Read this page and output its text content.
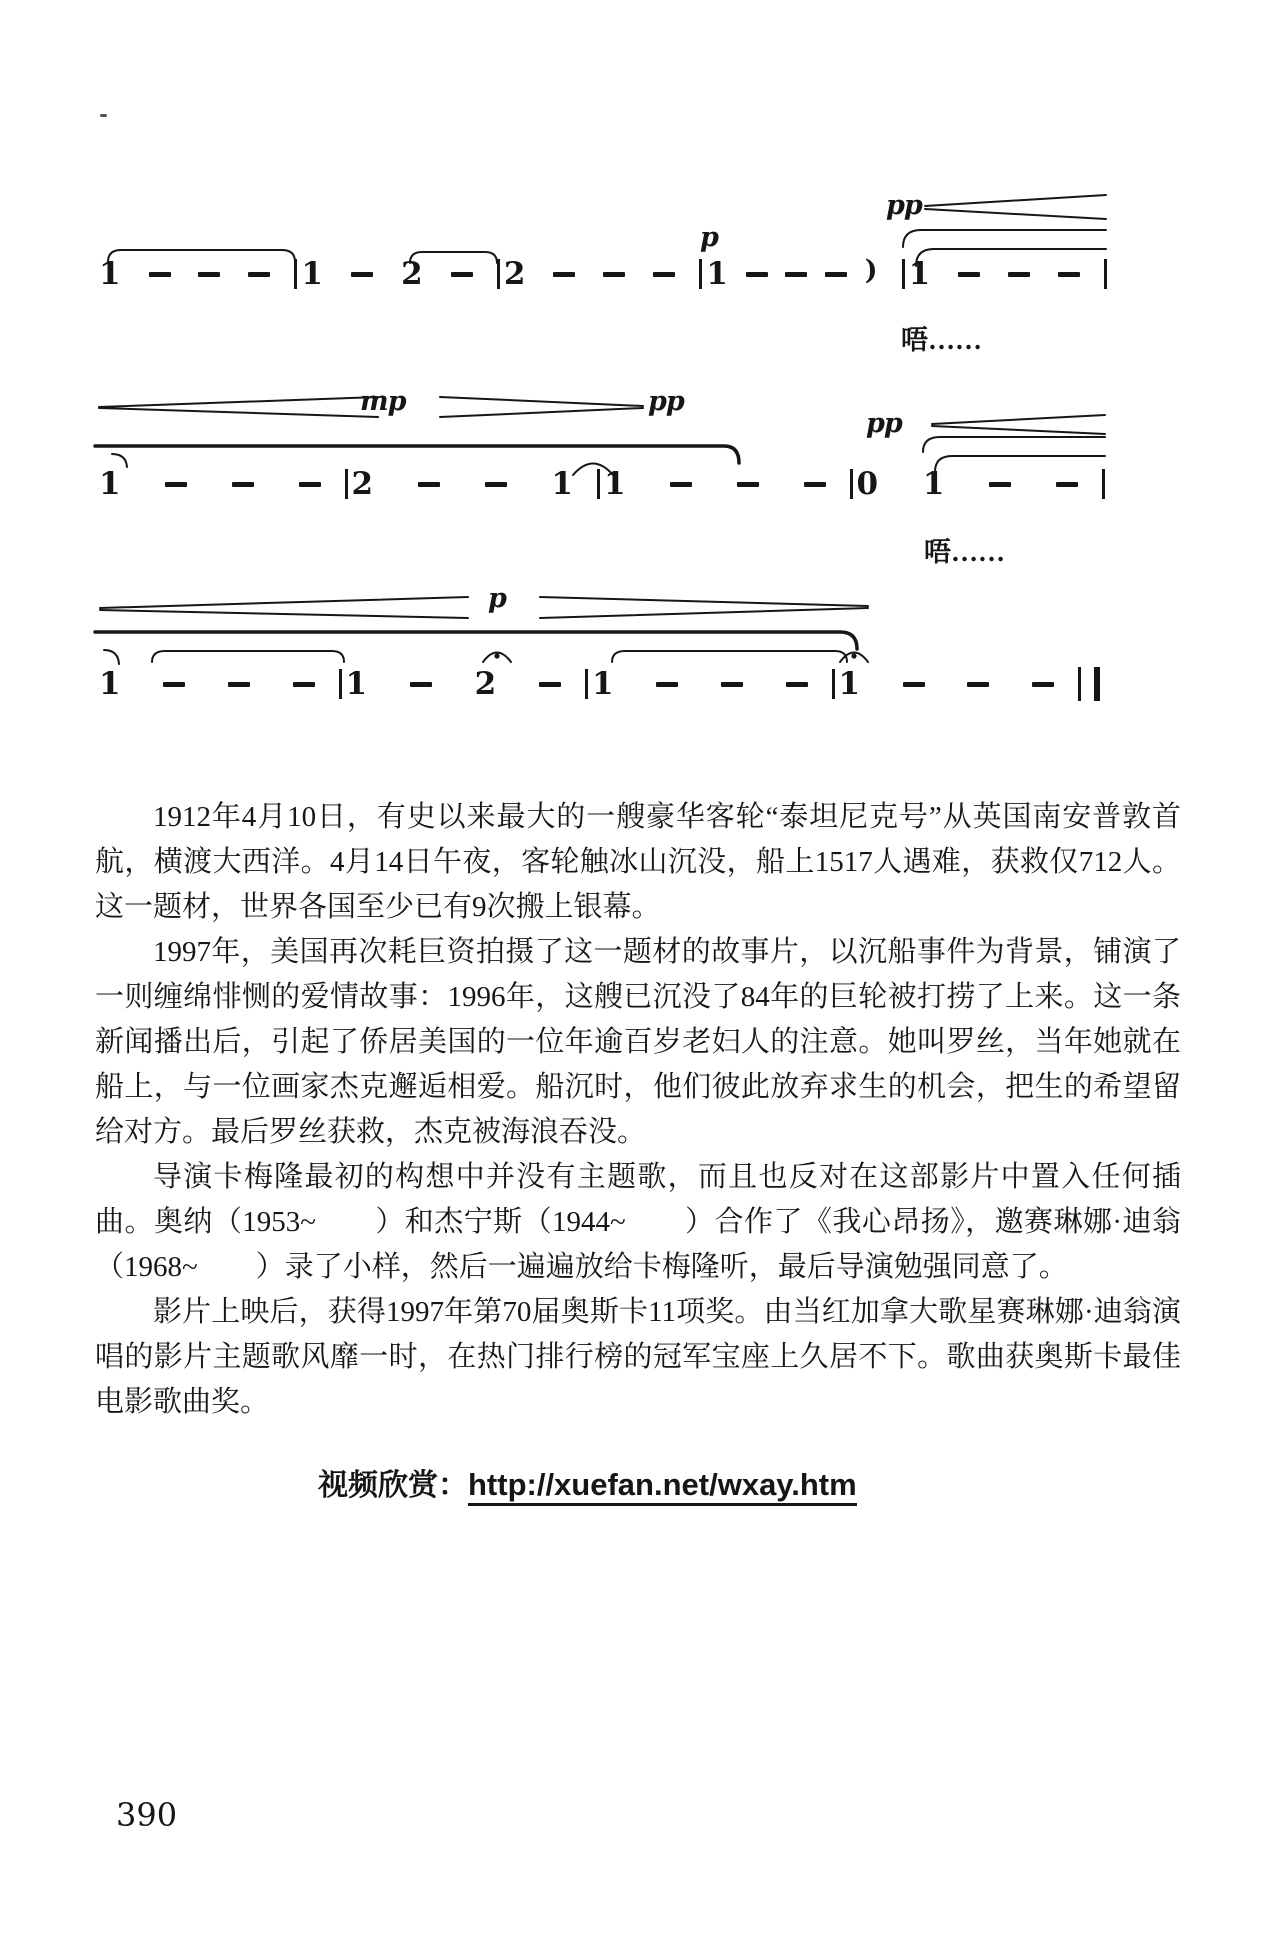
p
pp
mp	pp
pp
p
1	1	2	2	1	) 1
1	2	1 1	0 1
1	1	2	1	1
唔……
唔……

1912年4月10日，有史以来最大的一艘豪华客轮“泰坦尼克号”从英国南安普敦首航，横渡大西洋。4月14日午夜，客轮触冰山沉没，船上1517人遇难，获救仅712人。这一题材，世界各国至少已有9次搬上银幕。

1997年，美国再次耗巨资拍摄了这一题材的故事片，以沉船事件为背景，铺演了一则缠绵悱恻的爱情故事：1996年，这艘已沉没了84年的巨轮被打捞了上来。这一条新闻播出后，引起了侨居美国的一位年逾百岁老妇人的注意。她叫罗丝，当年她就在船上，与一位画家杰克邂逅相爱。船沉时，他们彼此放弃求生的机会，把生的希望留给对方。最后罗丝获救，杰克被海浪吞没。

导演卡梅隆最初的构想中并没有主题歌，而且也反对在这部影片中置入任何插曲。奥纳（1953~　　）和杰宁斯（1944~　　）合作了《我心昂扬》，邀赛琳娜·迪翁（1968~　　）录了小样，然后一遍遍放给卡梅隆听，最后导演勉强同意了。

影片上映后，获得1997年第70届奥斯卡11项奖。由当红加拿大歌星赛琳娜·迪翁演唱的影片主题歌风靡一时，在热门排行榜的冠军宝座上久居不下。歌曲获奥斯卡最佳电影歌曲奖。

视频欣赏：http://xuefan.net/wxay.htm
390
